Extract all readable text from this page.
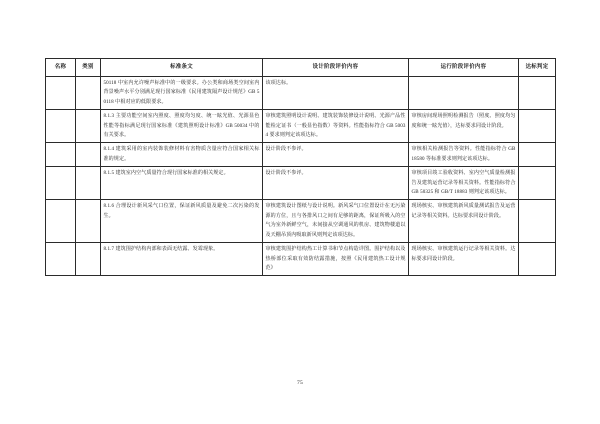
名称	类别	标准条文	设计阶段评价内容	运行阶段评价内容	达标判定

		50118 中室内允许噪声标准中的一级要求。办公类和商场类空间室内背景噪声水平分别满足现行国家标准《民用建筑隔声设计规范》GB 50118 中相对应的低限要求。	该项达标。		

		8.1.3 主要功能空间室内照度、照度均匀度、统一眩光值、光源显色性能等指标满足现行国家标准《建筑照明设计标准》GB 50034 中的有关要求。	审核建筑照明设计说明、建筑装饰装修设计说明、光源产品性能检定证书（一般显色指数）等资料。性能指标符合 GB 50034 要求则判定该项达标。	审核房间现场照明检测报告（照度、照度均匀度和统一眩光值），达标要求同设计阶段。	

		8.1.4 建筑采用的室内装饰装修材料有害物质含量应符合国家相关标准的规定。	设计阶段不参评。	审核相关检测报告等资料。性能指标符合 GB 18580 等标准要求则判定该项达标。	

		8.1.5 建筑室内空气质量符合现行国家标准的相关规定。	设计阶段不参评。	审核项目竣工验收资料、室内空气质量检测报告及建筑运营记录等相关资料。性能指标符合 GB 50325 和 GB/T 18883 则判定该项达标。	

		8.1.6 合理设计新风采气口位置，保证新风质量及避免二次污染的发生。	审核建筑设计图纸与设计说明。新风采气口位置设计在无污染源的方位，且与各排风口之间有足够的距离，保证所吸入的空气为室外新鲜空气，未间接从空调通风的机房、建筑物楼道以及天棚吊顶内吸取新风则判定该项达标。	现场核实、审核建筑新风质量测试报告及运营记录等相关资料。达标要求同设计阶段。	

		8.1.7 建筑围护结构内部和表面无结露、发霉现象。	审核建筑围护结构热工计算书和节点构造详图。围护结构以及热桥部位采取有效防结露措施，按照《民用建筑热工设计规范》	现场核实、审核建筑运行记录等相关资料。达标要求同设计阶段。	

75
